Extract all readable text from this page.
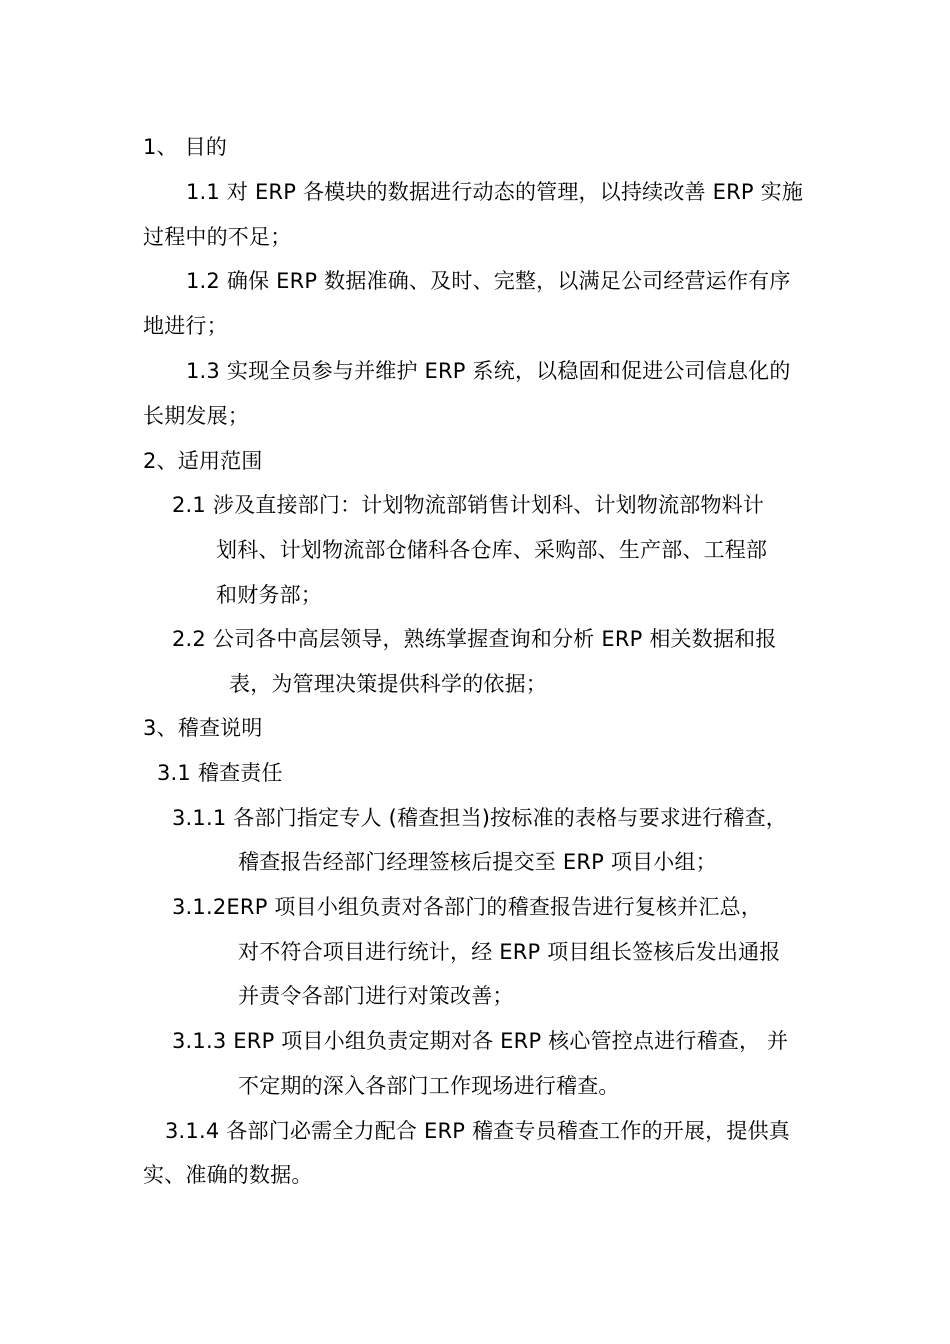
1、 目的
1.1 对 ERP 各模块的数据进行动态的管理，以持续改善 ERP 实施
过程中的不足；
1.2 确保 ERP 数据准确、及时、完整，以满足公司经营运作有序
地进行；
1.3 实现全员参与并维护 ERP 系统，以稳固和促进公司信息化的
长期发展；
2、适用范围
2.1 涉及直接部门：计划物流部销售计划科、计划物流部物料计
划科、计划物流部仓储科各仓库、采购部、生产部、工程部
和财务部；
2.2 公司各中高层领导，熟练掌握查询和分析 ERP 相关数据和报
表，为管理决策提供科学的依据；
3、稽查说明
3.1 稽查责任
3.1.1 各部门指定专人 (稽查担当)按标准的表格与要求进行稽查，
稽查报告经部门经理签核后提交至 ERP 项目小组；
3.1.2ERP 项目小组负责对各部门的稽查报告进行复核并汇总，
对不符合项目进行统计，经 ERP 项目组长签核后发出通报
并责令各部门进行对策改善；
3.1.3 ERP 项目小组负责定期对各 ERP 核心管控点进行稽查， 并
不定期的深入各部门工作现场进行稽查。
3.1.4 各部门必需全力配合 ERP 稽查专员稽查工作的开展，提供真
实、准确的数据。
